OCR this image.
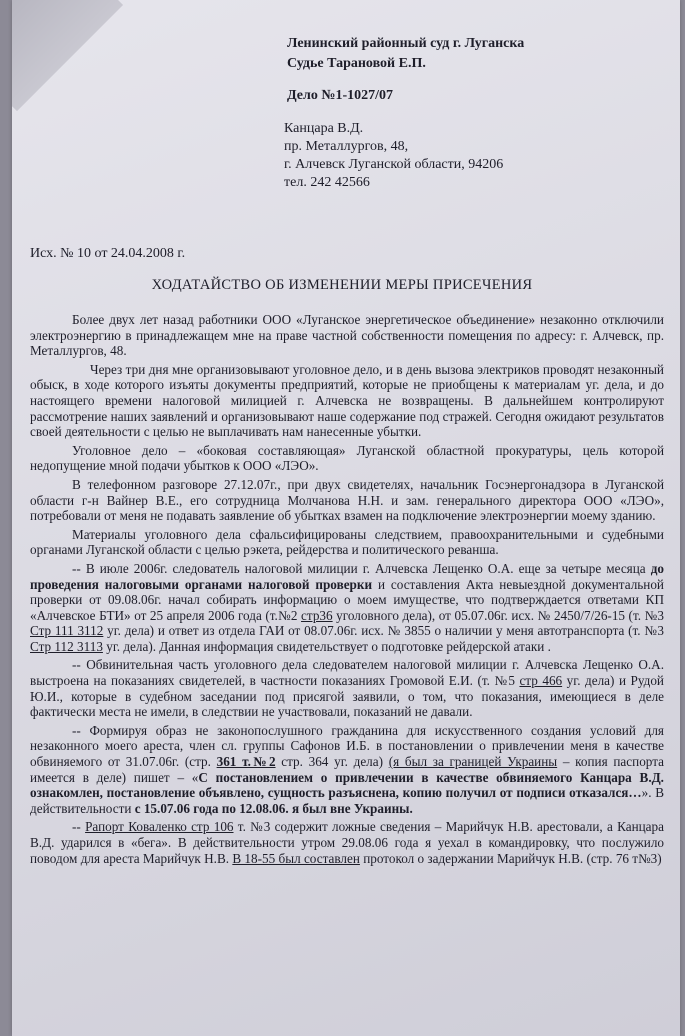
Ленинский районный суд г. Луганска
Судье Тарановой Е.П.
Дело №1-1027/07
Канцара В.Д.
пр. Металлургов, 48,
г. Алчевск Луганской области, 94206
тел. 242 42566
Исх. № 10 от 24.04.2008 г.
ХОДАТАЙСТВО ОБ ИЗМЕНЕНИИ МЕРЫ ПРИСЕЧЕНИЯ

Более двух лет назад работники ООО «Луганское энергетическое объединение» незаконно отключили электроэнергию в принадлежащем мне на праве частной собственности помещения по адресу: г. Алчевск, пр. Металлургов, 48.

Через три дня мне организовывают уголовное дело, и в день вызова электриков проводят незаконный обыск, в ходе которого изъяты документы предприятий, которые не приобщены к материалам уг. дела, и до настоящего времени налоговой милицией г. Алчевска не возвращены. В дальнейшем контролируют рассмотрение наших заявлений и организовывают наше содержание под стражей. Сегодня ожидают результатов своей деятельности с целью не выплачивать нам нанесенные убытки.

Уголовное дело – «боковая составляющая» Луганской областной прокуратуры, цель которой недопущение мной подачи убытков к ООО «ЛЭО».

В телефонном разговоре 27.12.07г., при двух свидетелях, начальник Госэнергонадзора в Луганской области г-н Вайнер В.Е., его сотрудница Молчанова Н.Н. и зам. генерального директора ООО «ЛЭО», потребовали от меня не подавать заявление об убытках взамен на подключение электроэнергии моему зданию.

Материалы уголовного дела сфальсифицированы следствием, правоохранительными и судебными органами Луганской области с целью рэкета, рейдерства и политического реванша.

-- В июле 2006г. следователь налоговой милиции г. Алчевска Лещенко О.А. еще за четыре месяца до проведения налоговыми органами налоговой проверки и составления Акта невыездной документальной проверки от 09.08.06г. начал собирать информацию о моем имуществе, что подтверждается ответами КП «Алчевское БТИ» от 25 апреля 2006 года (т.№2 стр36 уголовного дела), от 05.07.06г. исх. № 2450/7/26-15 (т. №3 Стр 111 3112 уг. дела) и ответ из отдела ГАИ от 08.07.06г. исх. № 3855 о наличии у меня автотранспорта (т. №3 Стр 112 3113 уг. дела). Данная информация свидетельствует о подготовке рейдерской атаки .

-- Обвинительная часть уголовного дела следователем налоговой милиции г. Алчевска Лещенко О.А. выстроена на показаниях свидетелей, в частности показаниях Громовой Е.И. (т. №5 стр 466 уг. дела) и Рудой Ю.И., которые в судебном заседании под присягой заявили, о том, что показания, имеющиеся в деле фактически места не имели, в следствии не участвовали, показаний не давали.

-- Формируя образ не законопослушного гражданина для искусственного создания условий для незаконного моего ареста, член сл. группы Сафонов И.Б. в постановлении о привлечении меня в качестве обвиняемого от 31.07.06г. (стр. 361 т.№2 стр. 364 уг. дела) (я был за границей Украины – копия паспорта имеется в деле) пишет – «С постановлением о привлечении в качестве обвиняемого Канцара В.Д. ознакомлен, постановление объявлено, сущность разъяснена, копию получил от подписи отказался…». В действительности с 15.07.06 года по 12.08.06. я был вне Украины.

-- Рапорт Коваленко стр 106 т. №3 содержит ложные сведения – Марийчук Н.В. арестовали, а Канцара В.Д. ударился в «бега». В действительности утром 29.08.06 года я уехал в командировку, что послужило поводом для ареста Марийчук Н.В. В 18-55 был составлен протокол о задержании Марийчук Н.В. (стр. 76 т№3)
